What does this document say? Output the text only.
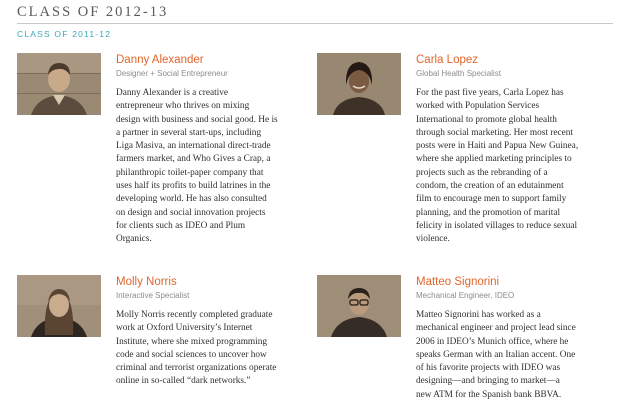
CLASS OF 2012-13
CLASS OF 2011-12
Danny Alexander
Designer + Social Entrepreneur
Danny Alexander is a creative
entrepreneur who thrives on mixing
design with business and social good. He is
a partner in several start-ups, including
Liga Masiva, an international direct-trade
farmers market, and Who Gives a Crap, a
philanthropic toilet-paper company that
uses half its profits to build latrines in the
developing world. He has also consulted
on design and social innovation projects
for clients such as IDEO and Plum
Organics.
Carla Lopez
Global Health Specialist
For the past five years, Carla Lopez has
worked with Population Services
International to promote global health
through social marketing. Her most recent
posts were in Haiti and Papua New Guinea,
where she applied marketing principles to
projects such as the rebranding of a
condom, the creation of an edutainment
film to encourage men to support family
planning, and the promotion of marital
felicity in isolated villages to reduce sexual
violence.
Molly Norris
Interactive Specialist
Molly Norris recently completed graduate
work at Oxford University’s Internet
Institute, where she mixed programming
code and social sciences to uncover how
criminal and terrorist organizations operate
online in so-called “dark networks.”
Matteo Signorini
Mechanical Engineer, IDEO
Matteo Signorini has worked as a
mechanical engineer and project lead since
2006 in IDEO’s Munich office, where he
speaks German with an Italian accent. One
of his favorite projects with IDEO was
designing—and bringing to market—a
new ATM for the Spanish bank BBVA.
